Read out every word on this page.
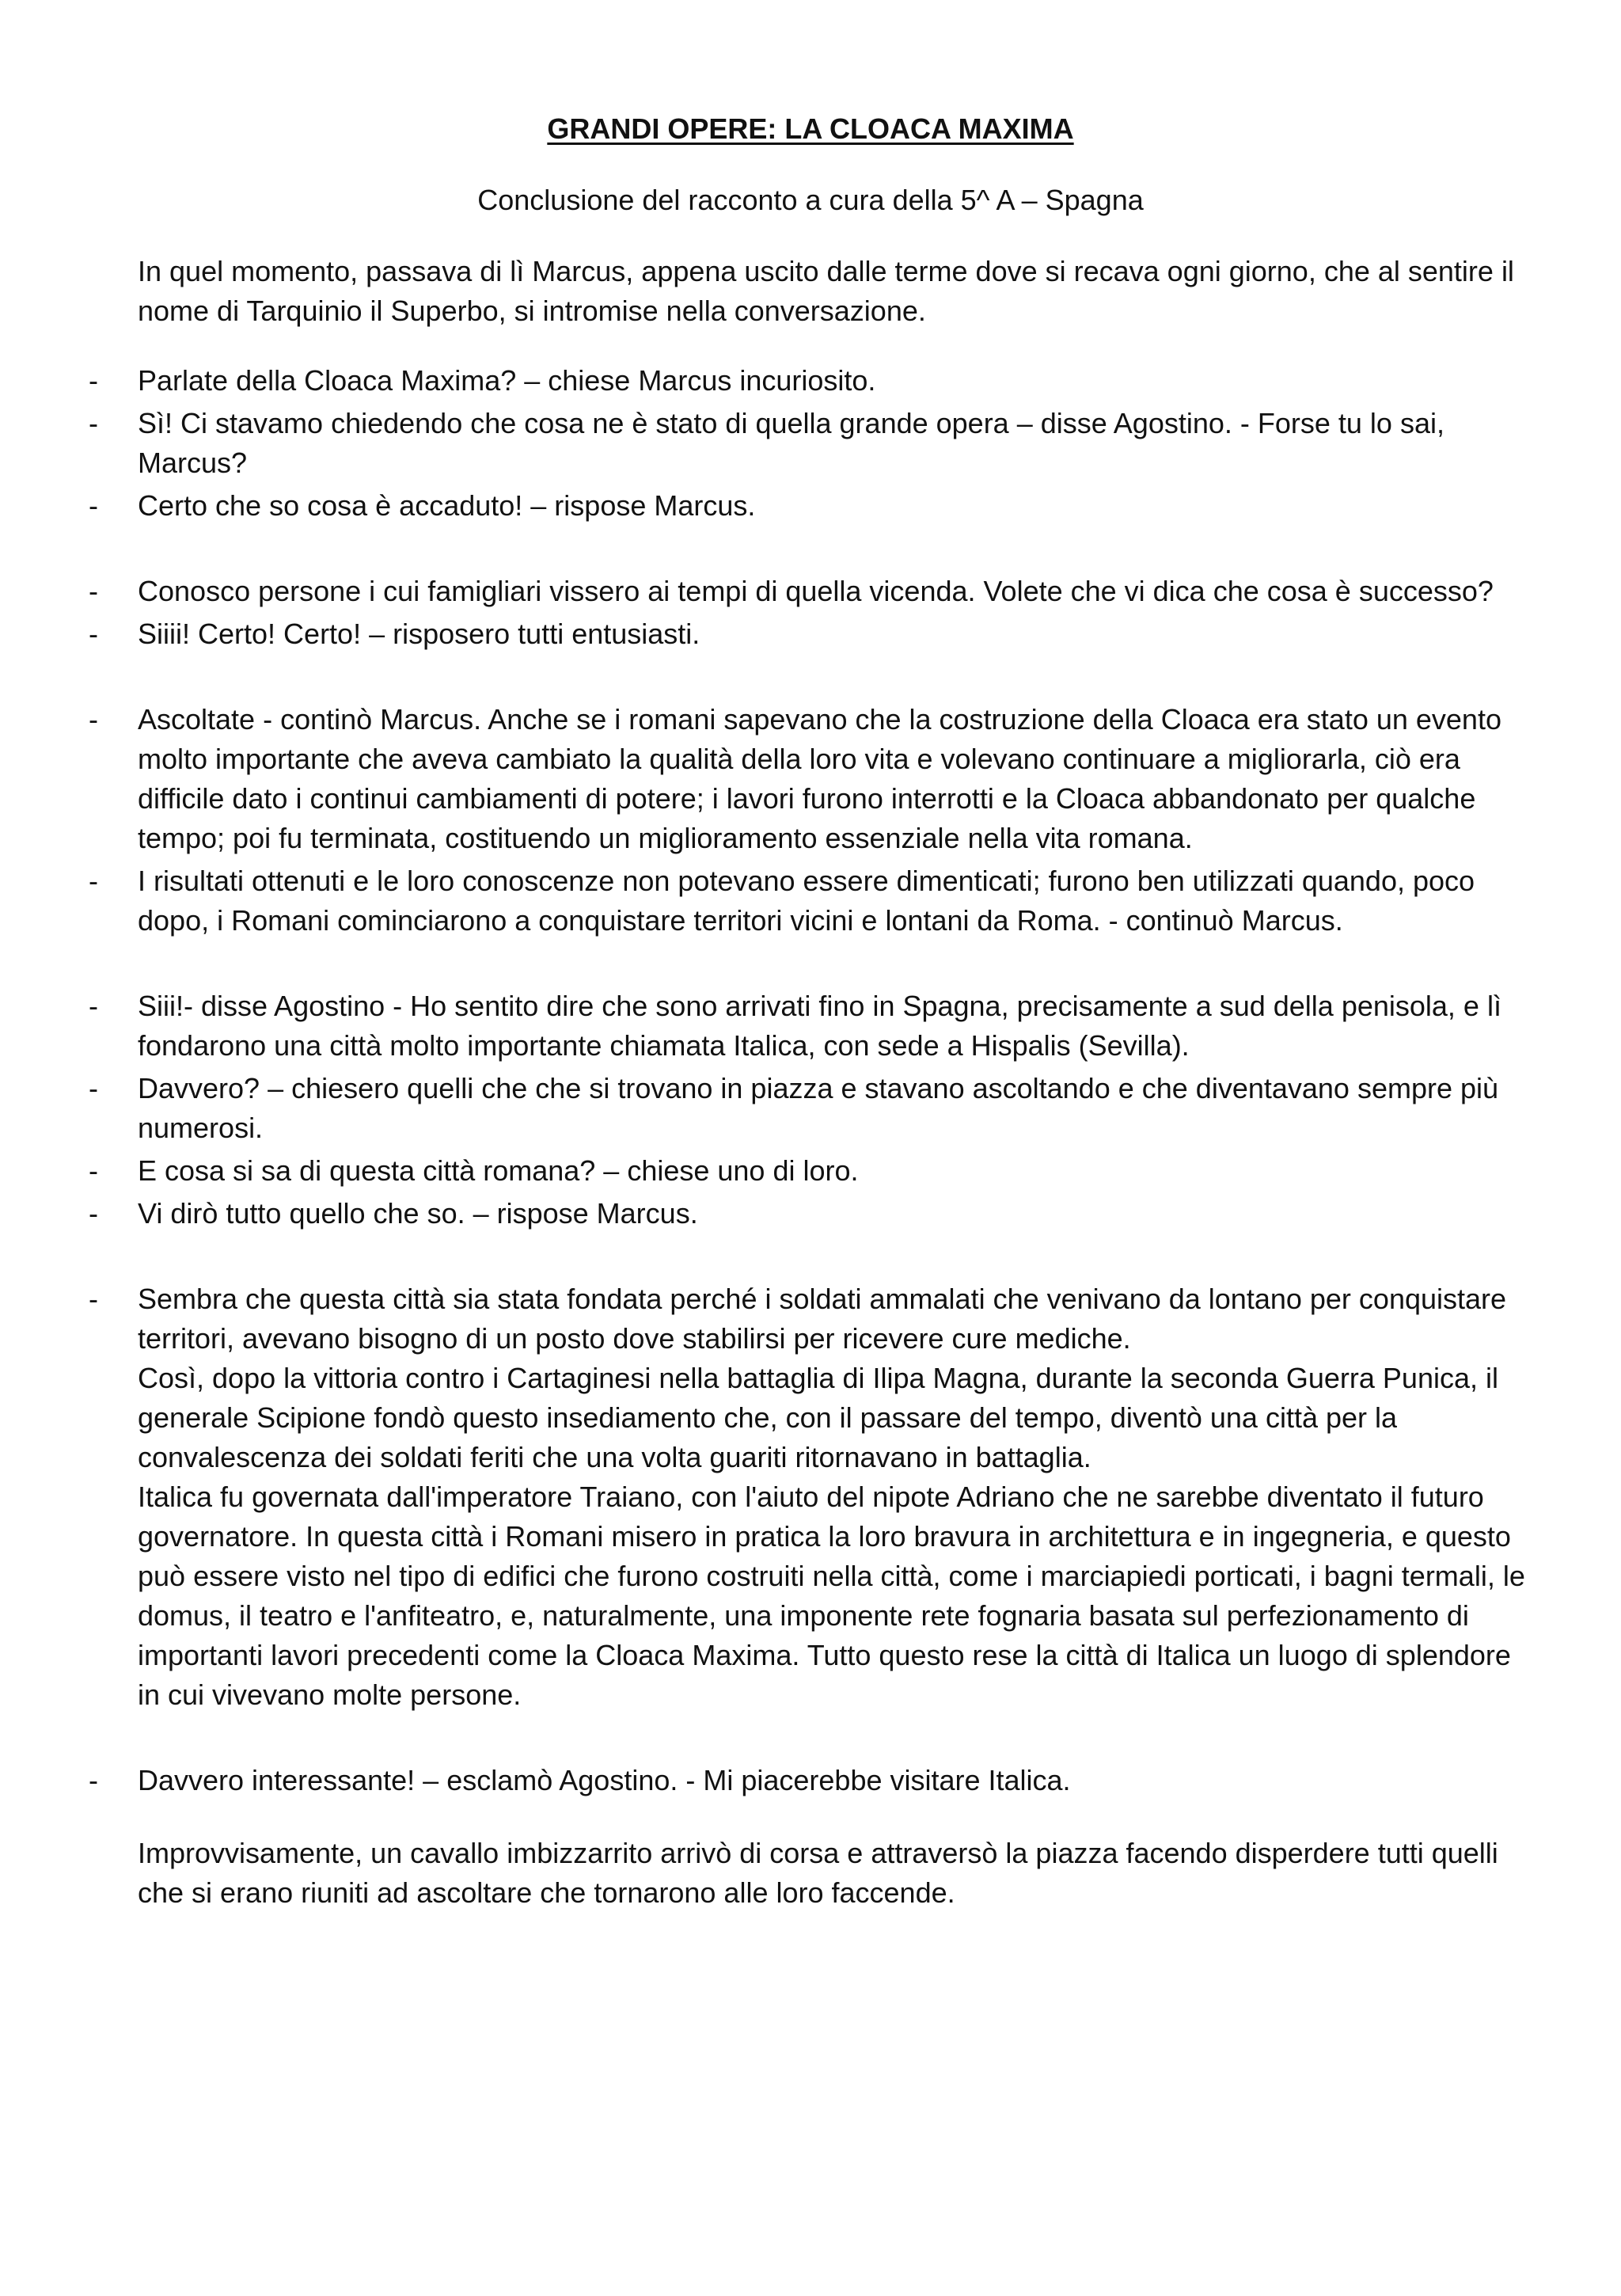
GRANDI OPERE: LA CLOACA MAXIMA
Conclusione del racconto a cura della 5^ A – Spagna

In quel momento, passava di lì Marcus, appena uscito dalle terme dove si recava ogni giorno, che al sentire il nome di Tarquinio il Superbo, si intromise nella conversazione.

- Parlate della Cloaca Maxima? – chiese Marcus incuriosito.

- Sì! Ci stavamo chiedendo che cosa ne è stato di quella grande opera – disse Agostino. - Forse tu lo sai, Marcus?

- Certo che so cosa è accaduto! – rispose Marcus.

- Conosco persone i cui famigliari vissero ai tempi di quella vicenda. Volete che vi dica che cosa è successo?

- Siiii! Certo! Certo! – risposero tutti entusiasti.

- Ascoltate - continò Marcus. Anche se i romani sapevano che la costruzione della Cloaca era stato un evento molto importante che aveva cambiato la qualità della loro vita e volevano continuare a migliorarla, ciò era difficile dato i continui cambiamenti di potere; i lavori furono interrotti e la Cloaca abbandonato per qualche tempo; poi fu terminata, costituendo un miglioramento essenziale nella vita romana.

- I risultati ottenuti e le loro conoscenze non potevano essere dimenticati; furono ben utilizzati quando, poco dopo, i Romani cominciarono a conquistare territori vicini e lontani da Roma. - continuò Marcus.

- Siii!- disse Agostino - Ho sentito dire che sono arrivati fino in Spagna, precisamente a sud della penisola, e lì fondarono una città molto importante chiamata Italica, con sede a Hispalis (Sevilla).

- Davvero? – chiesero quelli che che si trovano in piazza e stavano ascoltando e che diventavano sempre più numerosi.

- E cosa si sa di questa città romana? – chiese uno di loro.

- Vi dirò tutto quello che so. – rispose Marcus.

- Sembra che questa città sia stata fondata perché i soldati ammalati che venivano da lontano per conquistare territori, avevano bisogno di un posto dove stabilirsi per ricevere cure mediche.

Così, dopo la vittoria contro i Cartaginesi nella battaglia di Ilipa Magna, durante la seconda Guerra Punica, il generale Scipione fondò questo insediamento che, con il passare del tempo, diventò una città per la convalescenza dei soldati feriti che una volta guariti ritornavano in battaglia.

Italica fu governata dall'imperatore Traiano, con l'aiuto del nipote Adriano che ne sarebbe diventato il futuro governatore. In questa città i Romani misero in pratica la loro bravura in architettura e in ingegneria, e questo può essere visto nel tipo di edifici che furono costruiti nella città, come i marciapiedi porticati, i bagni termali, le domus, il teatro e l'anfiteatro, e, naturalmente, una imponente rete fognaria basata sul perfezionamento di importanti lavori precedenti come la Cloaca Maxima. Tutto questo rese la città di Italica un luogo di splendore in cui vivevano molte persone.

- Davvero interessante! – esclamò Agostino. - Mi piacerebbe visitare Italica.

Improvvisamente, un cavallo imbizzarrito arrivò di corsa e attraversò la piazza facendo disperdere tutti quelli che si erano riuniti ad ascoltare che tornarono alle loro faccende.
